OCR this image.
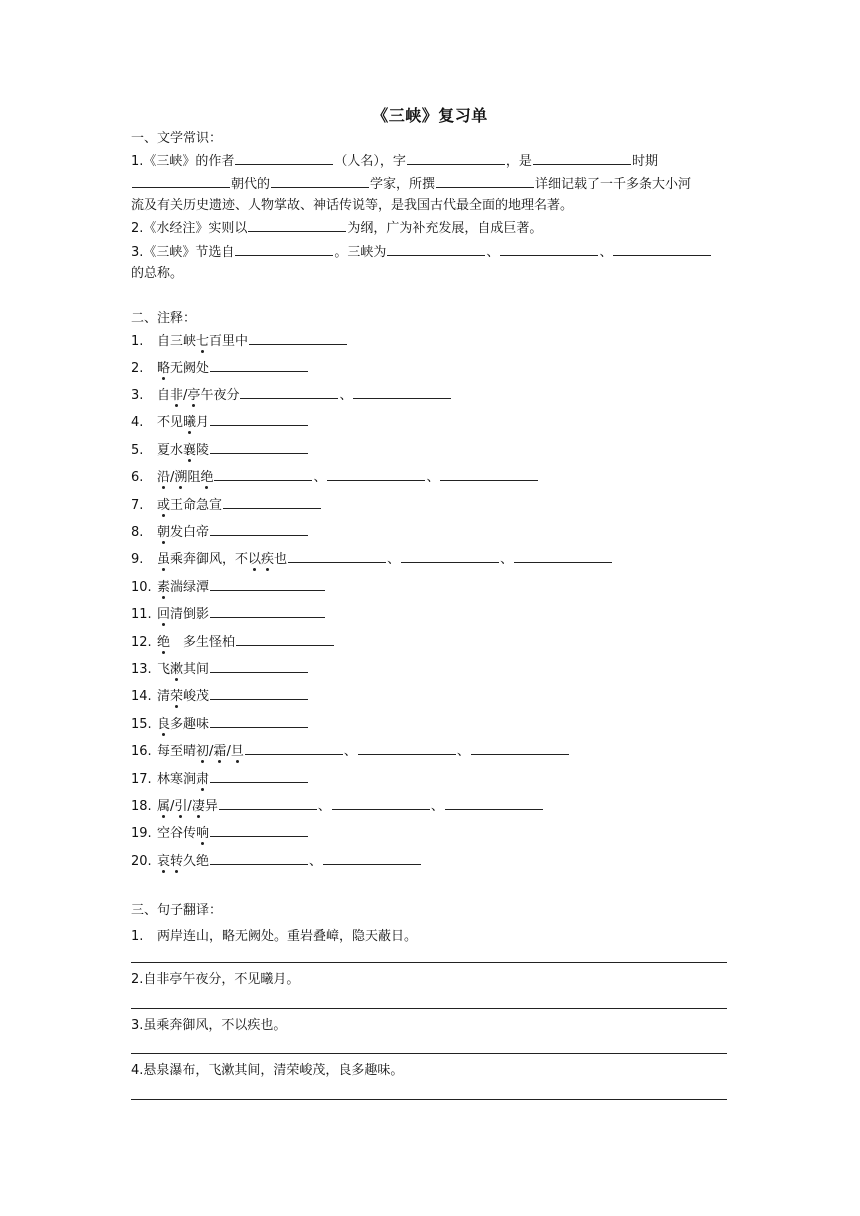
《三峡》复习单
一、文学常识：
1.《三峡》的作者	（人名），字	，是	时期
朝代的	学家，所撰	详细记载了一千多条大小河
流及有关历史遗迹、人物掌故、神话传说等，是我国古代最全面的地理名著。
2.《水经注》实则以	为纲，广为补充发展，自成巨著。
3.《三峡》节选自	。三峡为	、	、
的总称。
二、注释：
1. 自三峡七百里中
2. 略无阙处
3. 自非/亭午夜分	、
4. 不见曦月
5. 夏水襄陵
6. 沿/溯阻绝	、	、
7. 或王命急宣
8. 朝发白帝
9. 虽乘奔御风，不以疾也	、	、
10. 素湍绿潭
11. 回清倒影
12. 绝　多生怪柏
13. 飞漱其间
14. 清荣峻茂
15. 良多趣味
16. 每至晴初/霜/旦	、	、
17. 林寒涧肃
18. 属/引/凄异	、	、
19. 空谷传响
20. 哀转久绝	、
三、句子翻译：
1. 两岸连山，略无阙处。重岩叠嶂，隐天蔽日。
2.自非亭午夜分，不见曦月。
3.虽乘奔御风，不以疾也。
4.悬泉瀑布，飞漱其间，清荣峻茂，良多趣味。
